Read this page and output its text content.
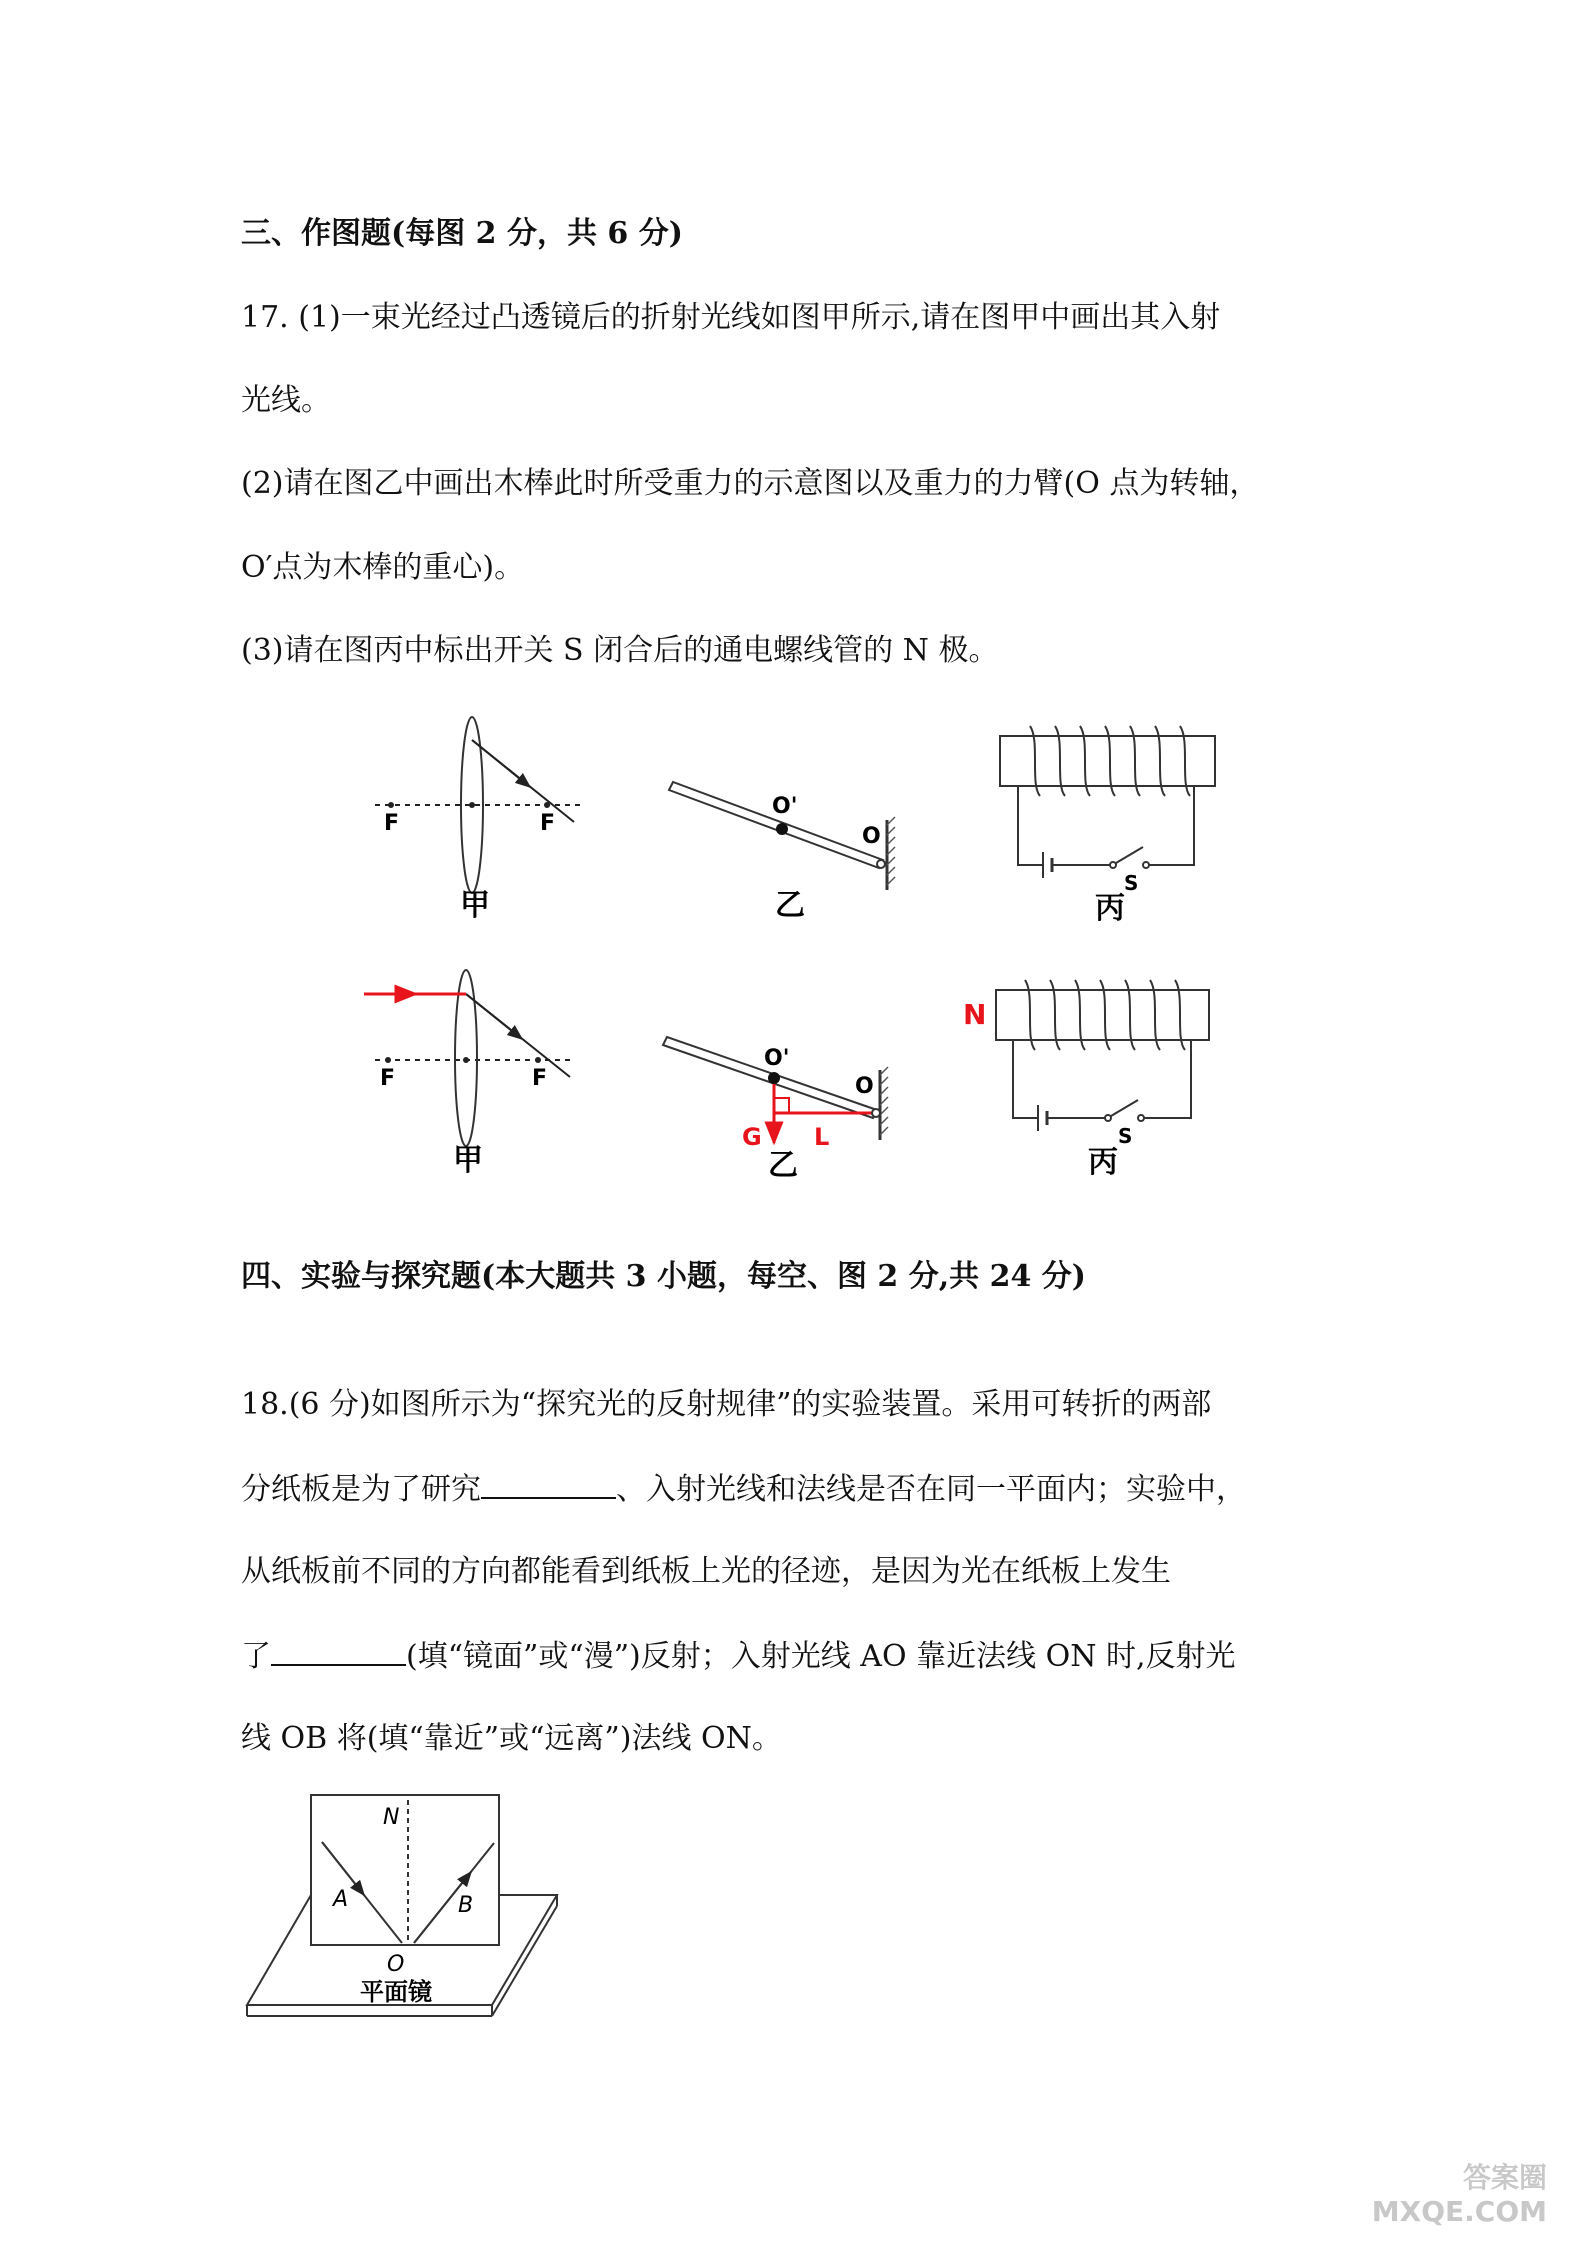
三、作图题(每图 2 分，共 6 分)
17. (1)一束光经过凸透镜后的折射光线如图甲所示,请在图甲中画出其入射
光线。
(2)请在图乙中画出木棒此时所受重力的示意图以及重力的力臂(O 点为转轴，
O′点为木棒的重心)。
(3)请在图丙中标出开关 S 闭合后的通电螺线管的 N 极。
F	F
甲
O'
O
乙
S
丙
F	F
甲
O'
O
G L
乙
N
S
丙
N
A	B
O
平面镜
四、实验与探究题(本大题共 3 小题，每空、图 2 分,共 24 分)
18.(6 分)如图所示为“探究光的反射规律”的实验装置。采用可转折的两部
分纸板是为了研究	、入射光线和法线是否在同一平面内；实验中，
从纸板前不同的方向都能看到纸板上光的径迹，是因为光在纸板上发生
了	(填“镜面”或“漫”)反射；入射光线 AO 靠近法线 ON 时,反射光
线 OB 将(填“靠近”或“远离”)法线 ON。
答案圈
MXQE.COM
